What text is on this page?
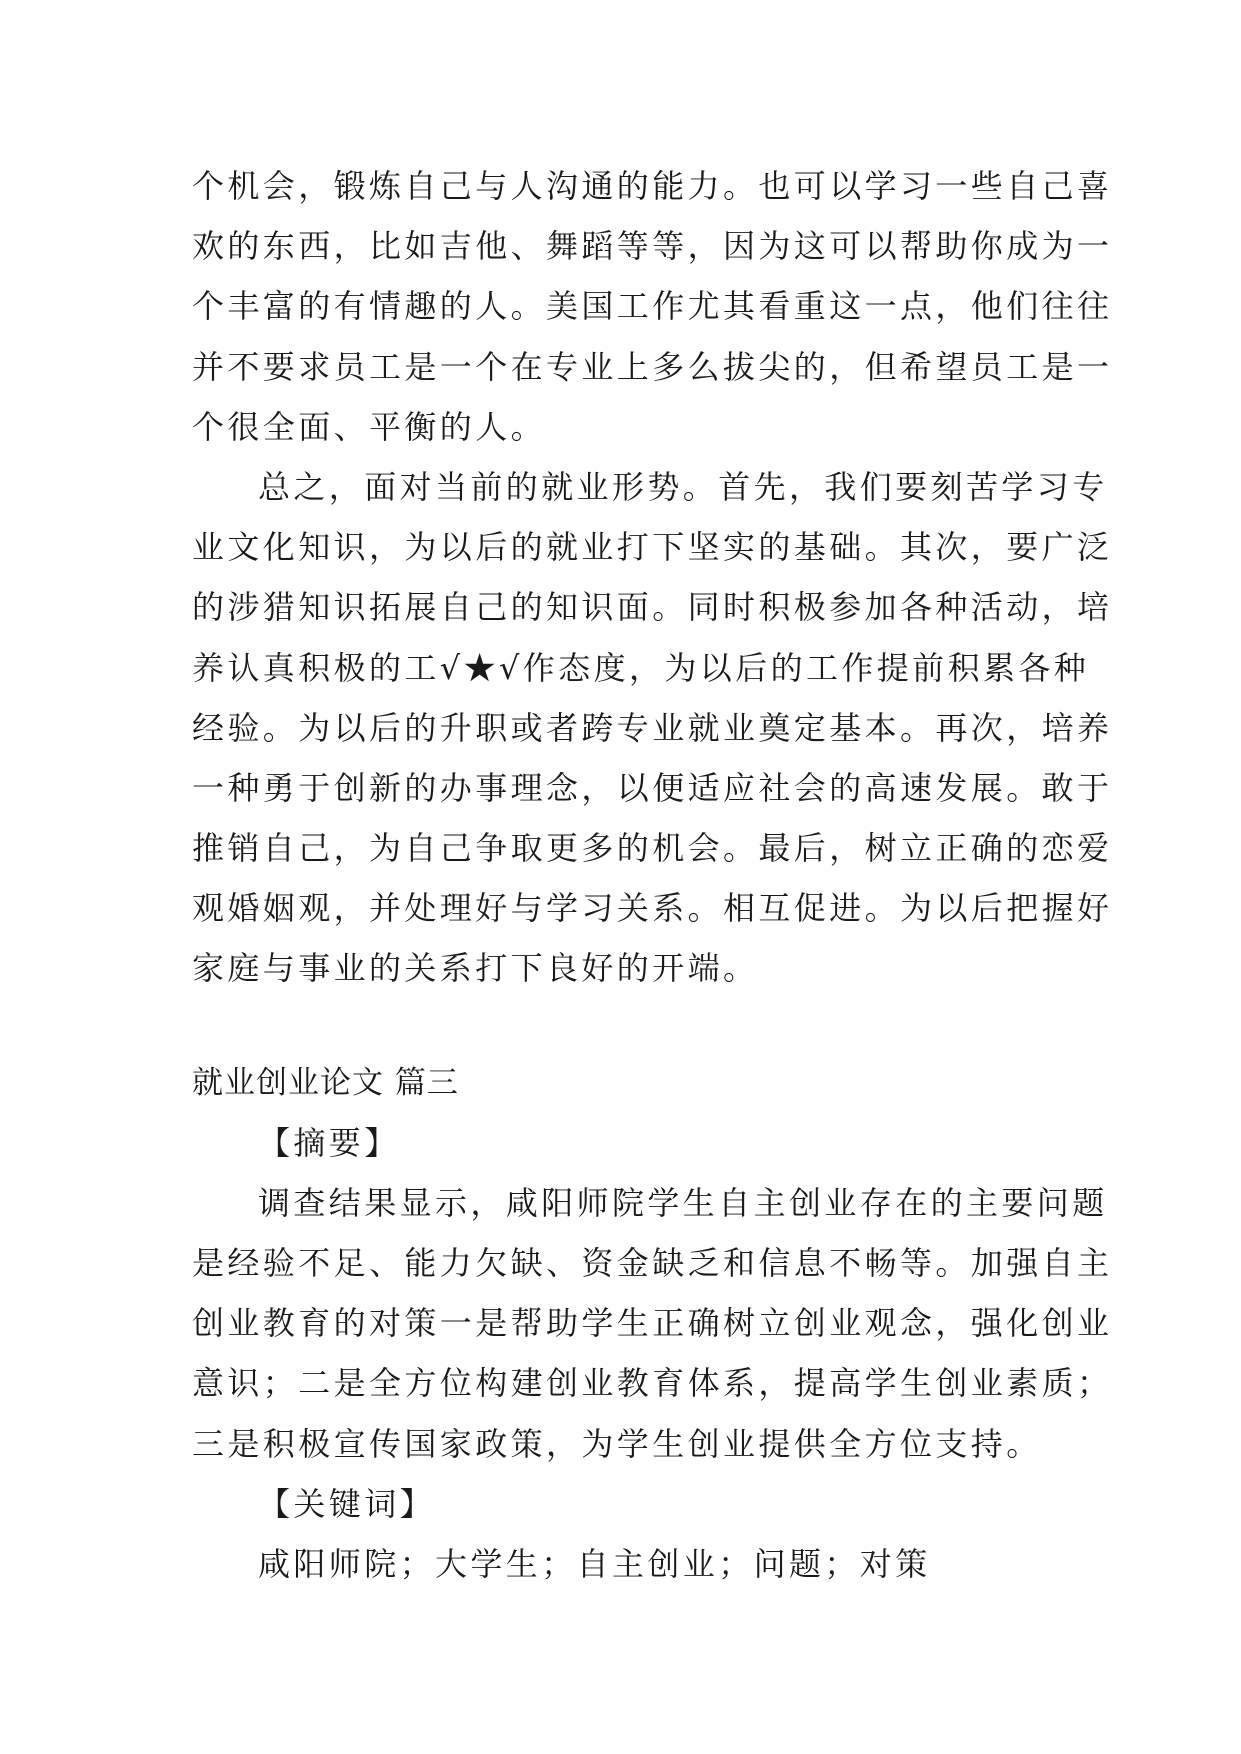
个机会，锻炼自己与人沟通的能力。也可以学习一些自己喜
欢的东西，比如吉他、舞蹈等等，因为这可以帮助你成为一
个丰富的有情趣的人。美国工作尤其看重这一点，他们往往
并不要求员工是一个在专业上多么拔尖的，但希望员工是一
个很全面、平衡的人。
总之，面对当前的就业形势。首先，我们要刻苦学习专
业文化知识，为以后的就业打下坚实的基础。其次，要广泛
的涉猎知识拓展自己的知识面。同时积极参加各种活动，培
养认真积极的工√★√作态度，为以后的工作提前积累各种
经验。为以后的升职或者跨专业就业奠定基本。再次，培养
一种勇于创新的办事理念，以便适应社会的高速发展。敢于
推销自己，为自己争取更多的机会。最后，树立正确的恋爱
观婚姻观，并处理好与学习关系。相互促进。为以后把握好
家庭与事业的关系打下良好的开端。
就业创业论文 篇三
【摘要】
调查结果显示，咸阳师院学生自主创业存在的主要问题
是经验不足、能力欠缺、资金缺乏和信息不畅等。加强自主
创业教育的对策一是帮助学生正确树立创业观念，强化创业
意识；二是全方位构建创业教育体系，提高学生创业素质；
三是积极宣传国家政策，为学生创业提供全方位支持。
【关键词】
咸阳师院；大学生；自主创业；问题；对策
